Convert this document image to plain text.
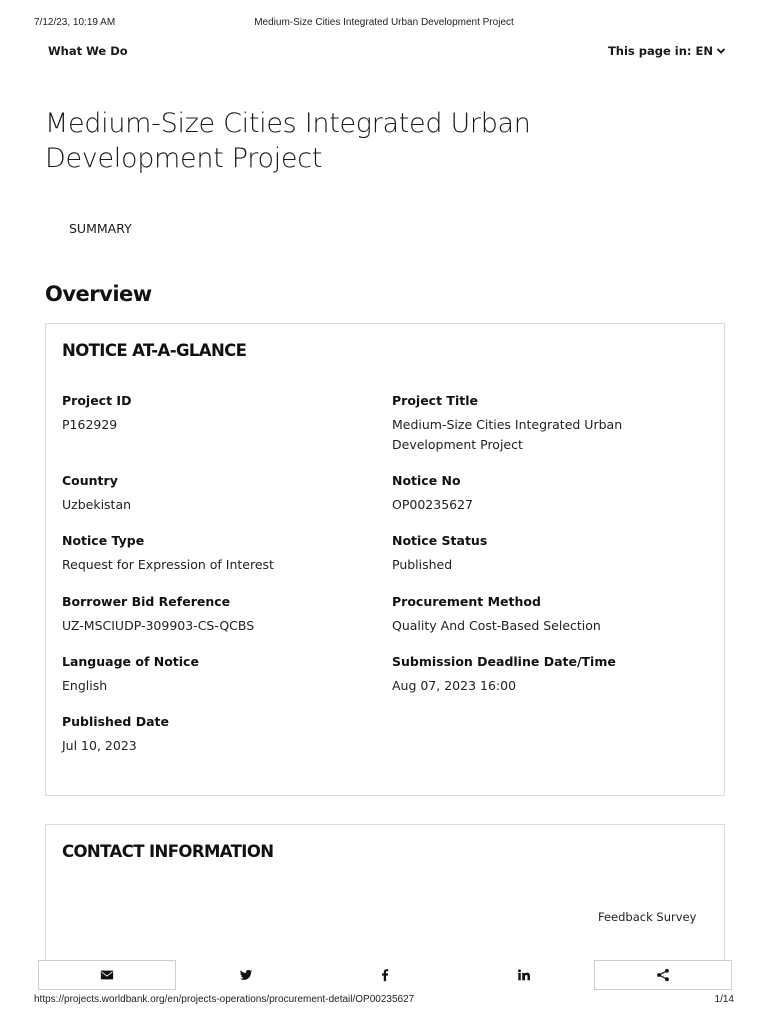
7/12/23, 10:19 AM	Medium-Size Cities Integrated Urban Development Project
What We Do	This page in: EN
Medium-Size Cities Integrated Urban
Development Project
SUMMARY
Overview
NOTICE AT-A-GLANCE
Project ID
P162929
Project Title
Medium-Size Cities Integrated Urban Development Project
Country
Uzbekistan
Notice No
OP00235627
Notice Type
Request for Expression of Interest
Notice Status
Published
Borrower Bid Reference
UZ-MSCIUDP-309903-CS-QCBS
Procurement Method
Quality And Cost-Based Selection
Language of Notice
English
Submission Deadline Date/Time
Aug 07, 2023 16:00
Published Date
Jul 10, 2023
CONTACT INFORMATION
Feedback Survey
https://projects.worldbank.org/en/projects-operations/procurement-detail/OP00235627	1/14
